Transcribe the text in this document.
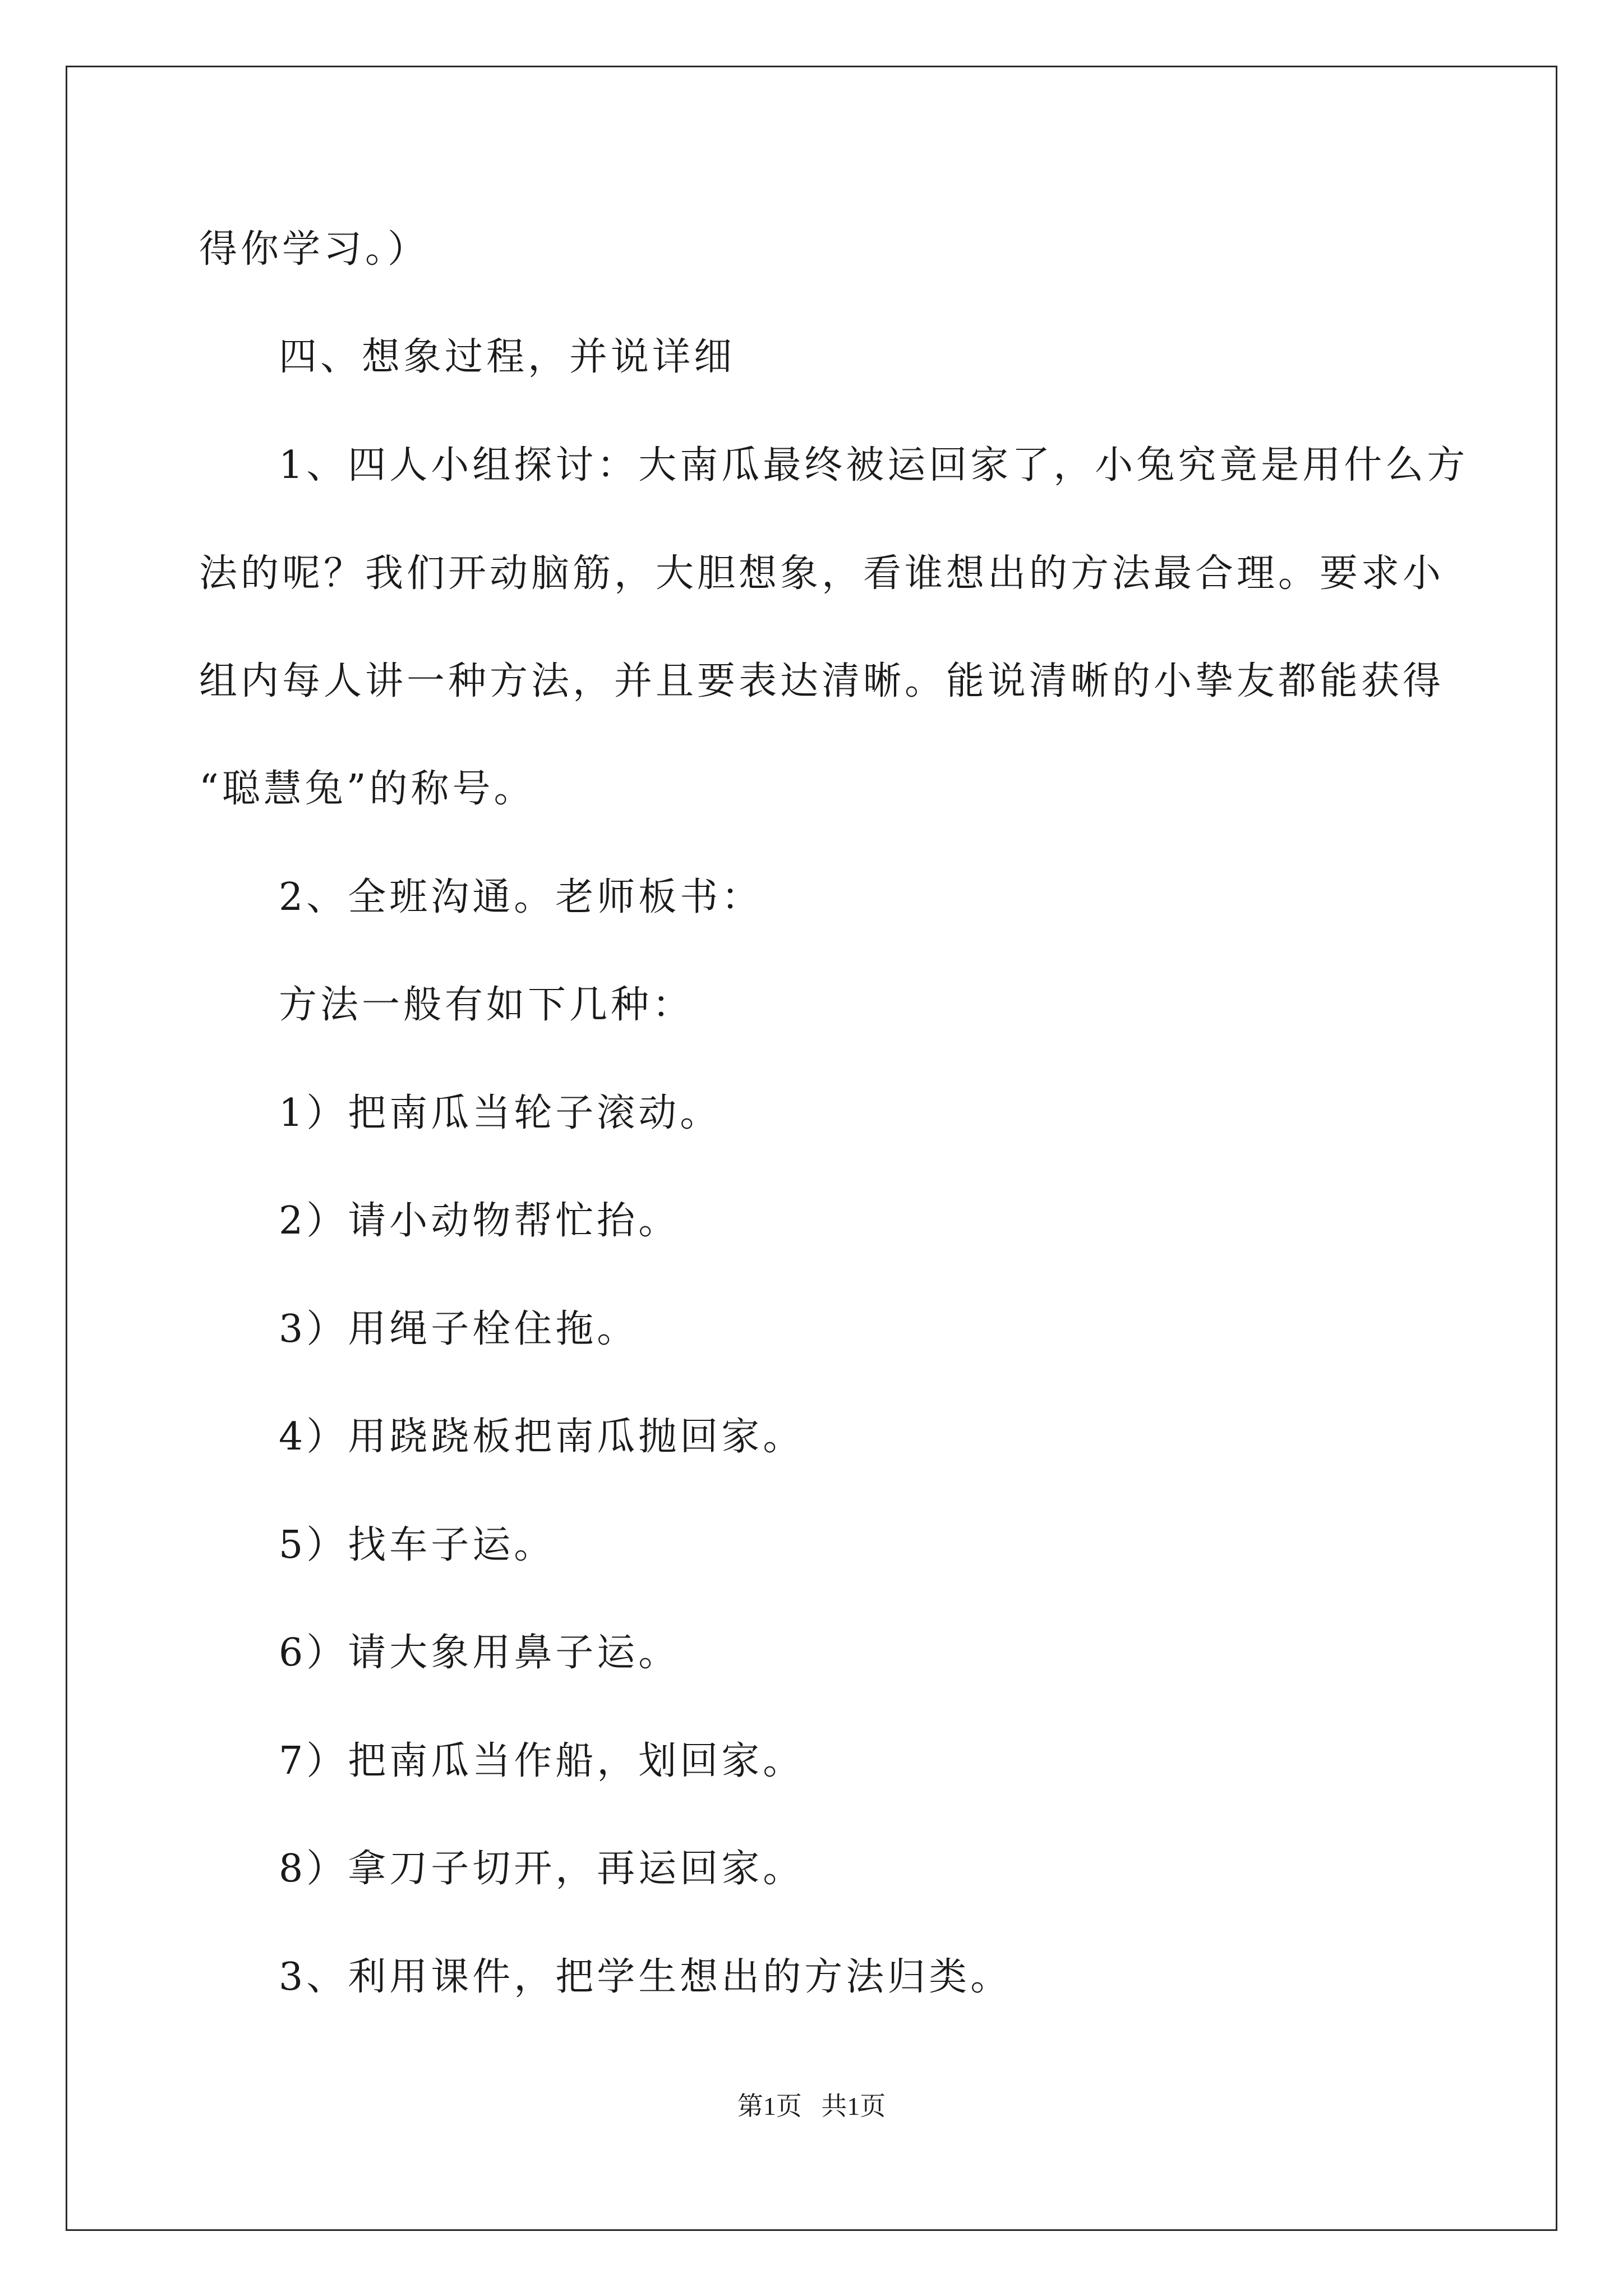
得你学习。）
四、想象过程，并说详细
1、四人小组探讨：大南瓜最终被运回家了，小兔究竟是用什么方
法的呢？我们开动脑筋，大胆想象，看谁想出的方法最合理。要求小
组内每人讲一种方法，并且要表达清晰。能说清晰的小挚友都能获得
“聪慧兔”的称号。
2、全班沟通。老师板书：
方法一般有如下几种：
1）把南瓜当轮子滚动。
2）请小动物帮忙抬。
3）用绳子栓住拖。
4）用跷跷板把南瓜抛回家。
5）找车子运。
6）请大象用鼻子运。
7）把南瓜当作船，划回家。
8）拿刀子切开，再运回家。
3、利用课件，把学生想出的方法归类。
第1页   共1页
